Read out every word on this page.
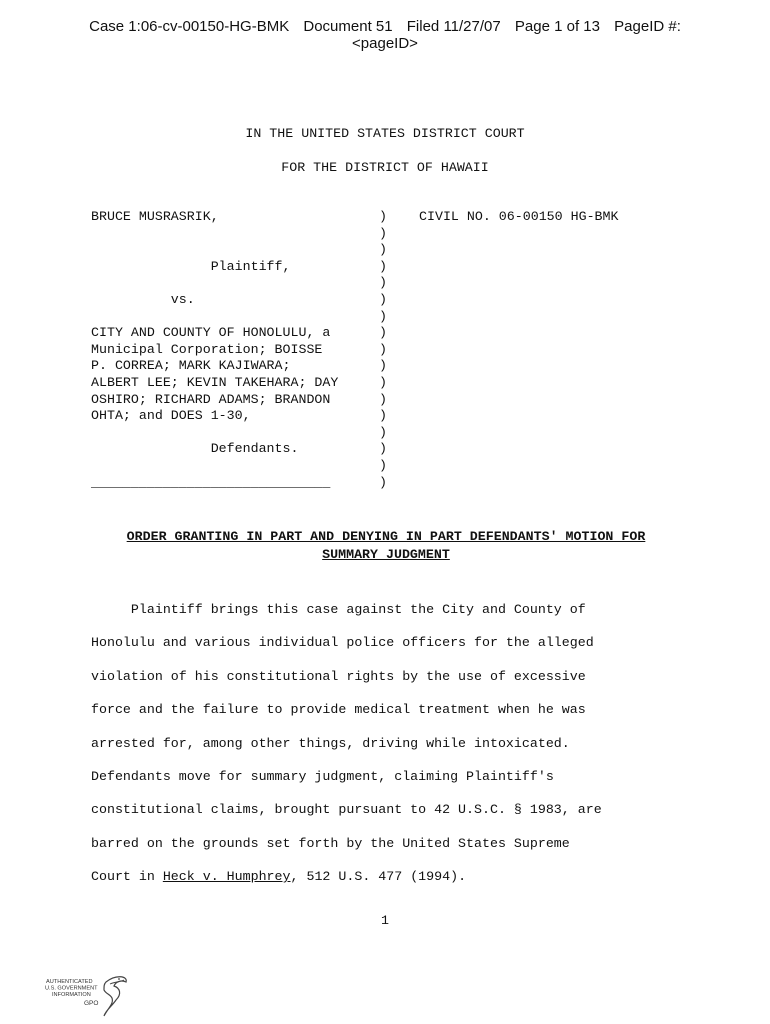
Case 1:06-cv-00150-HG-BMK Document 51 Filed 11/27/07 Page 1 of 13 PageID #:
<pageID>
IN THE UNITED STATES DISTRICT COURT
FOR THE DISTRICT OF HAWAII
BRUCE MUSRASRIK,

Plaintiff,

vs.

CITY AND COUNTY OF HONOLULU, a
Municipal Corporation; BOISSE
P. CORREA; MARK KAJIWARA;
ALBERT LEE; KEVIN TAKEHARA; DAY
OSHIRO; RICHARD ADAMS; BRANDON
OHTA; and DOES 1-30,

Defendants.

______________________________
)
)
)
)
)
)
)
)
)
)
)
)
)
)
)
)
)
CIVIL NO. 06-00150 HG-BMK
ORDER GRANTING IN PART AND DENYING IN PART DEFENDANTS' MOTION FOR
SUMMARY JUDGMENT
Plaintiff brings this case against the City and County of
Honolulu and various individual police officers for the alleged
violation of his constitutional rights by the use of excessive
force and the failure to provide medical treatment when he was
arrested for, among other things, driving while intoxicated.
Defendants move for summary judgment, claiming Plaintiff's
constitutional claims, brought pursuant to 42 U.S.C. § 1983, are
barred on the grounds set forth by the United States Supreme
Court in Heck v. Humphrey, 512 U.S. 477 (1994).
1
AUTHENTICATED
U.S. GOVERNMENT
INFORMATION
GPO
